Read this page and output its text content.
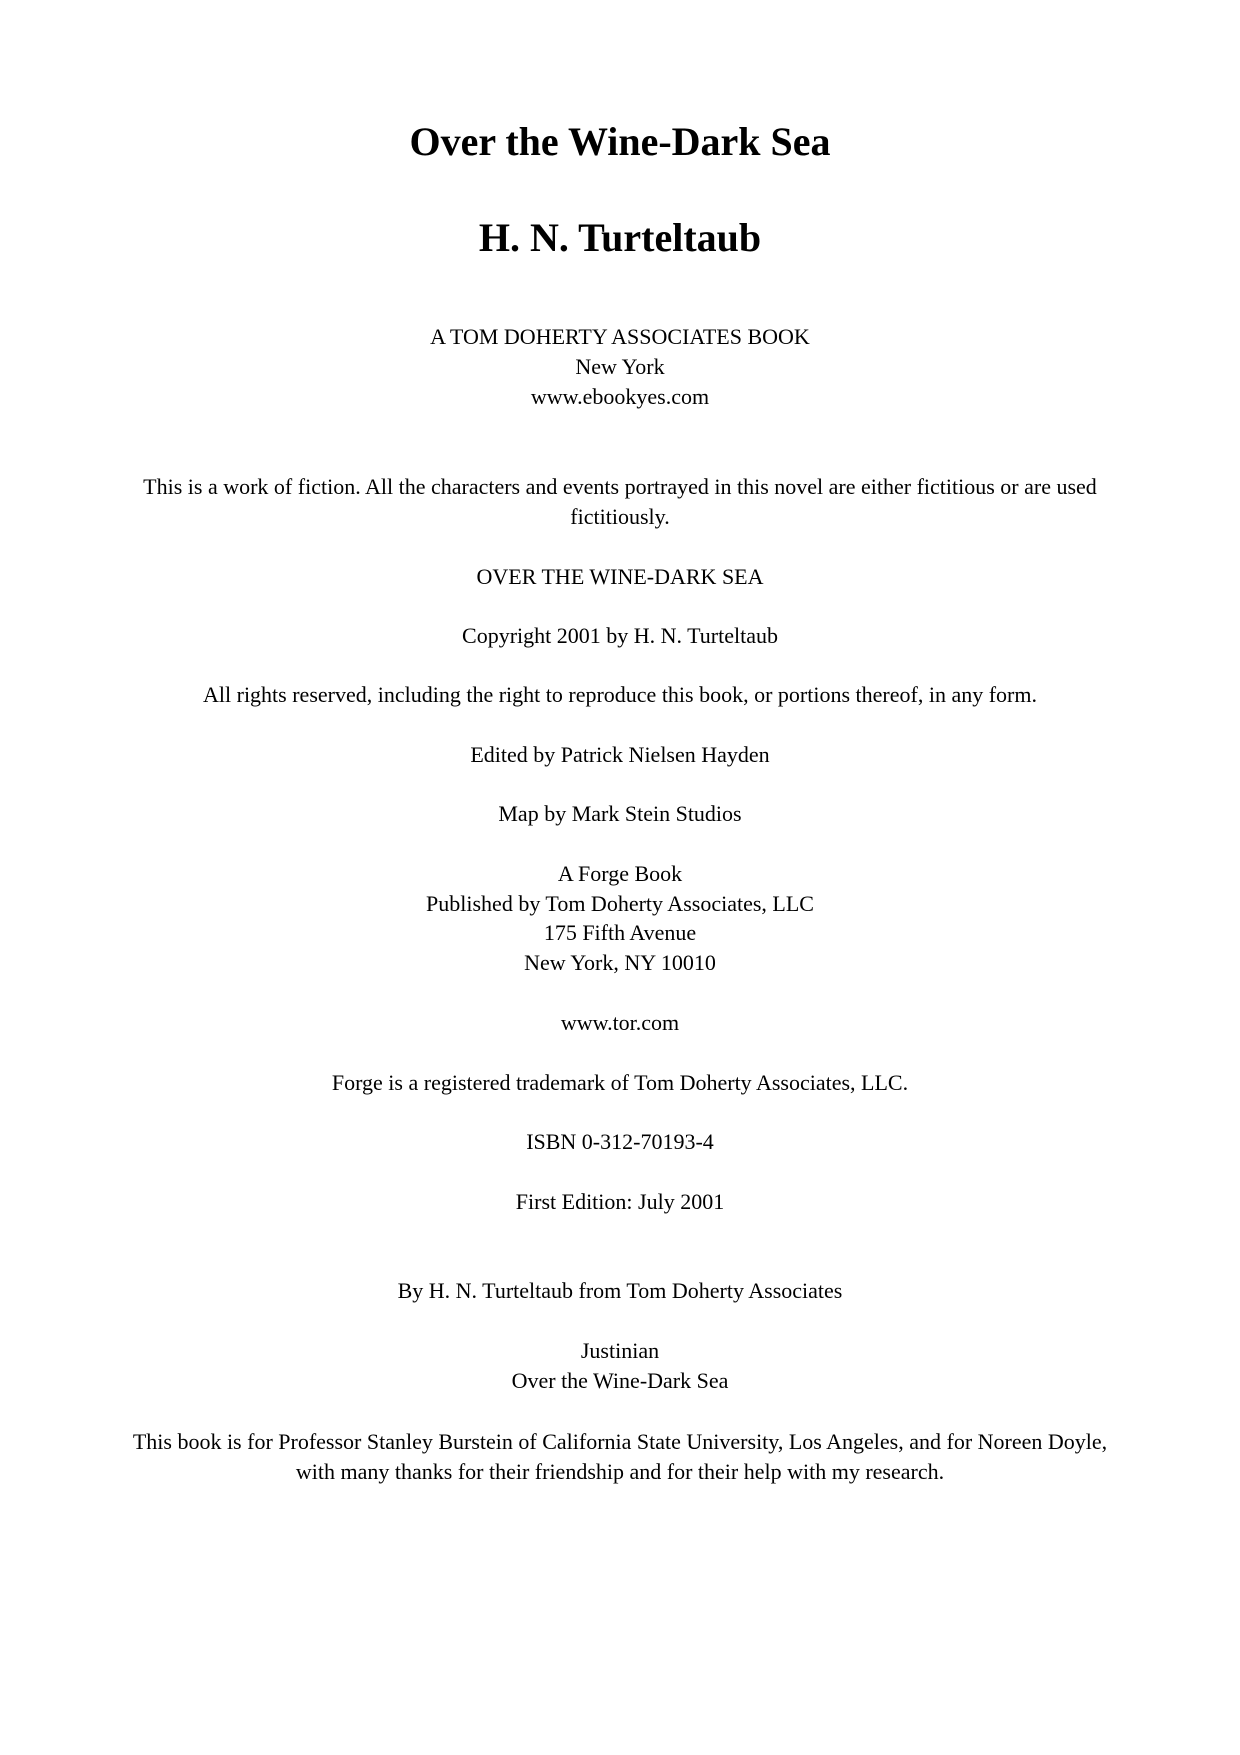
Over the Wine-Dark Sea
H. N. Turteltaub

A TOM DOHERTY ASSOCIATES BOOK

New York

www.ebookyes.com

This is a work of fiction. All the characters and events portrayed in this novel are either fictitious or are used fictitiously.

OVER THE WINE-DARK SEA

Copyright 2001 by H. N. Turteltaub

All rights reserved, including the right to reproduce this book, or portions thereof, in any form.

Edited by Patrick Nielsen Hayden

Map by Mark Stein Studios

A Forge Book

Published by Tom Doherty Associates, LLC

175 Fifth Avenue

New York, NY 10010

www.tor.com

Forge is a registered trademark of Tom Doherty Associates, LLC.

ISBN 0-312-70193-4

First Edition: July 2001

By H. N. Turteltaub from Tom Doherty Associates

Justinian

Over the Wine-Dark Sea

This book is for Professor Stanley Burstein of California State University, Los Angeles, and for Noreen Doyle, with many thanks for their friendship and for their help with my research.
